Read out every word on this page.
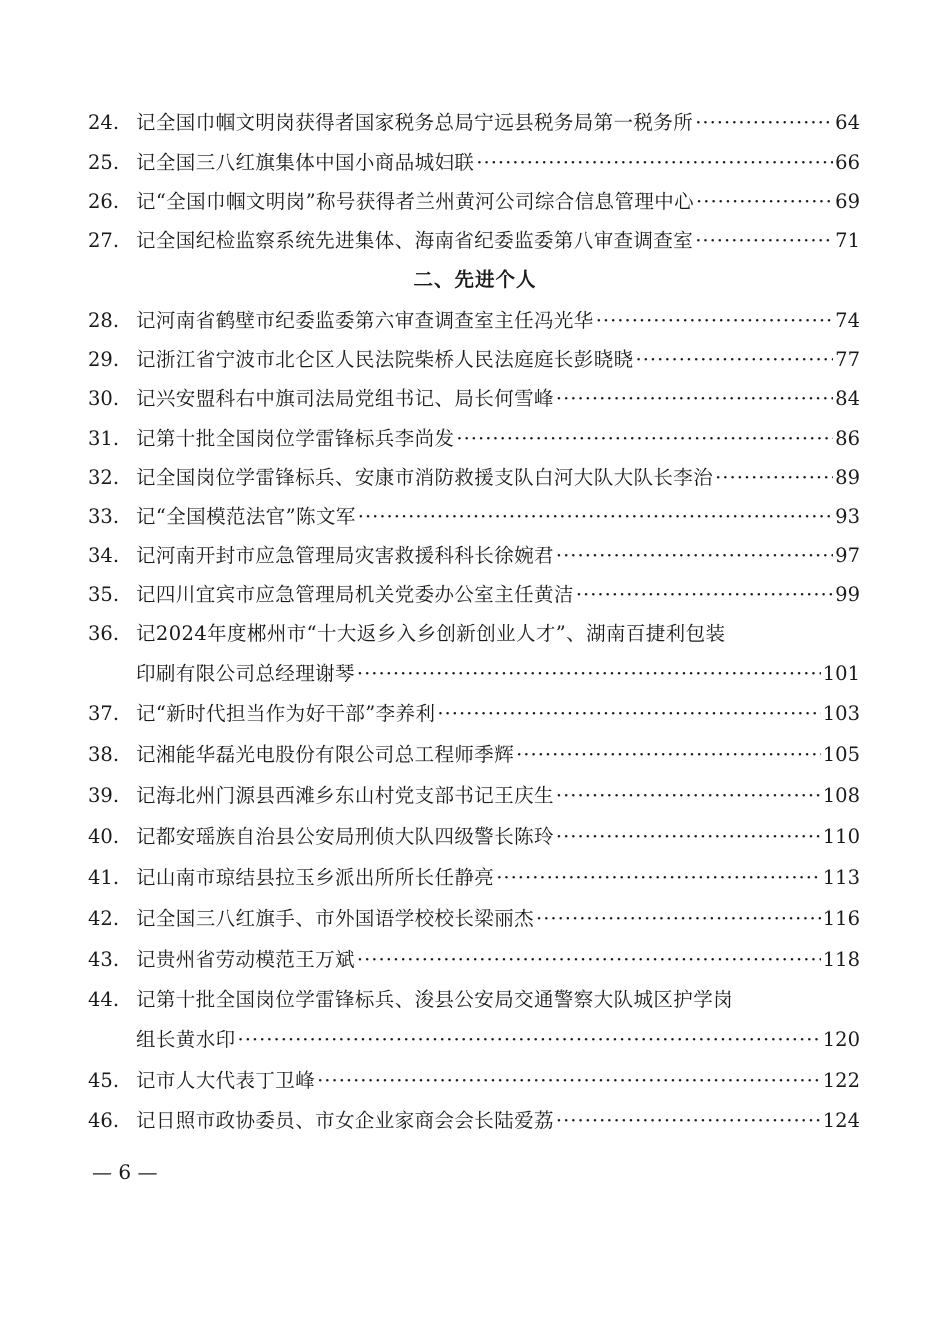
24. 记全国巾帼文明岗获得者国家税务总局宁远县税务局第一税务所 ·····	64
25. 记全国三八红旗集体中国小商品城妇联 ·····	66
26. 记“全国巾帼文明岗”称号获得者兰州黄河公司综合信息管理中心 ·····	69
27. 记全国纪检监察系统先进集体、海南省纪委监委第八审查调查室 ·····	71
二、先进个人
28. 记河南省鹤壁市纪委监委第六审查调查室主任冯光华 ·····	74
29. 记浙江省宁波市北仑区人民法院柴桥人民法庭庭长彭晓晓 ·····	77
30. 记兴安盟科右中旗司法局党组书记、局长何雪峰 ·····	84
31. 记第十批全国岗位学雷锋标兵李尚发 ·····	86
32. 记全国岗位学雷锋标兵、安康市消防救援支队白河大队大队长李治 ·····	89
33. 记“全国模范法官”陈文军 ·····	93
34. 记河南开封市应急管理局灾害救援科科长徐婉君 ·····	97
35. 记四川宜宾市应急管理局机关党委办公室主任黄洁 ·····	99
36. 记2024年度郴州市“十大返乡入乡创新创业人才”、湖南百捷利包装
印刷有限公司总经理谢琴 ·····	101
37. 记“新时代担当作为好干部”李养利 ·····	103
38. 记湘能华磊光电股份有限公司总工程师季辉 ·····	105
39. 记海北州门源县西滩乡东山村党支部书记王庆生 ·····	108
40. 记都安瑶族自治县公安局刑侦大队四级警长陈玲 ·····	110
41. 记山南市琼结县拉玉乡派出所所长任静亮 ·····	113
42. 记全国三八红旗手、市外国语学校校长梁丽杰 ·····	116
43. 记贵州省劳动模范王万斌 ·····	118
44. 记第十批全国岗位学雷锋标兵、浚县公安局交通警察大队城区护学岗
组长黄水印 ·····	120
45. 记市人大代表丁卫峰 ·····	122
46. 记日照市政协委员、市女企业家商会会长陆爱荔 ·····	124
— 6 —
